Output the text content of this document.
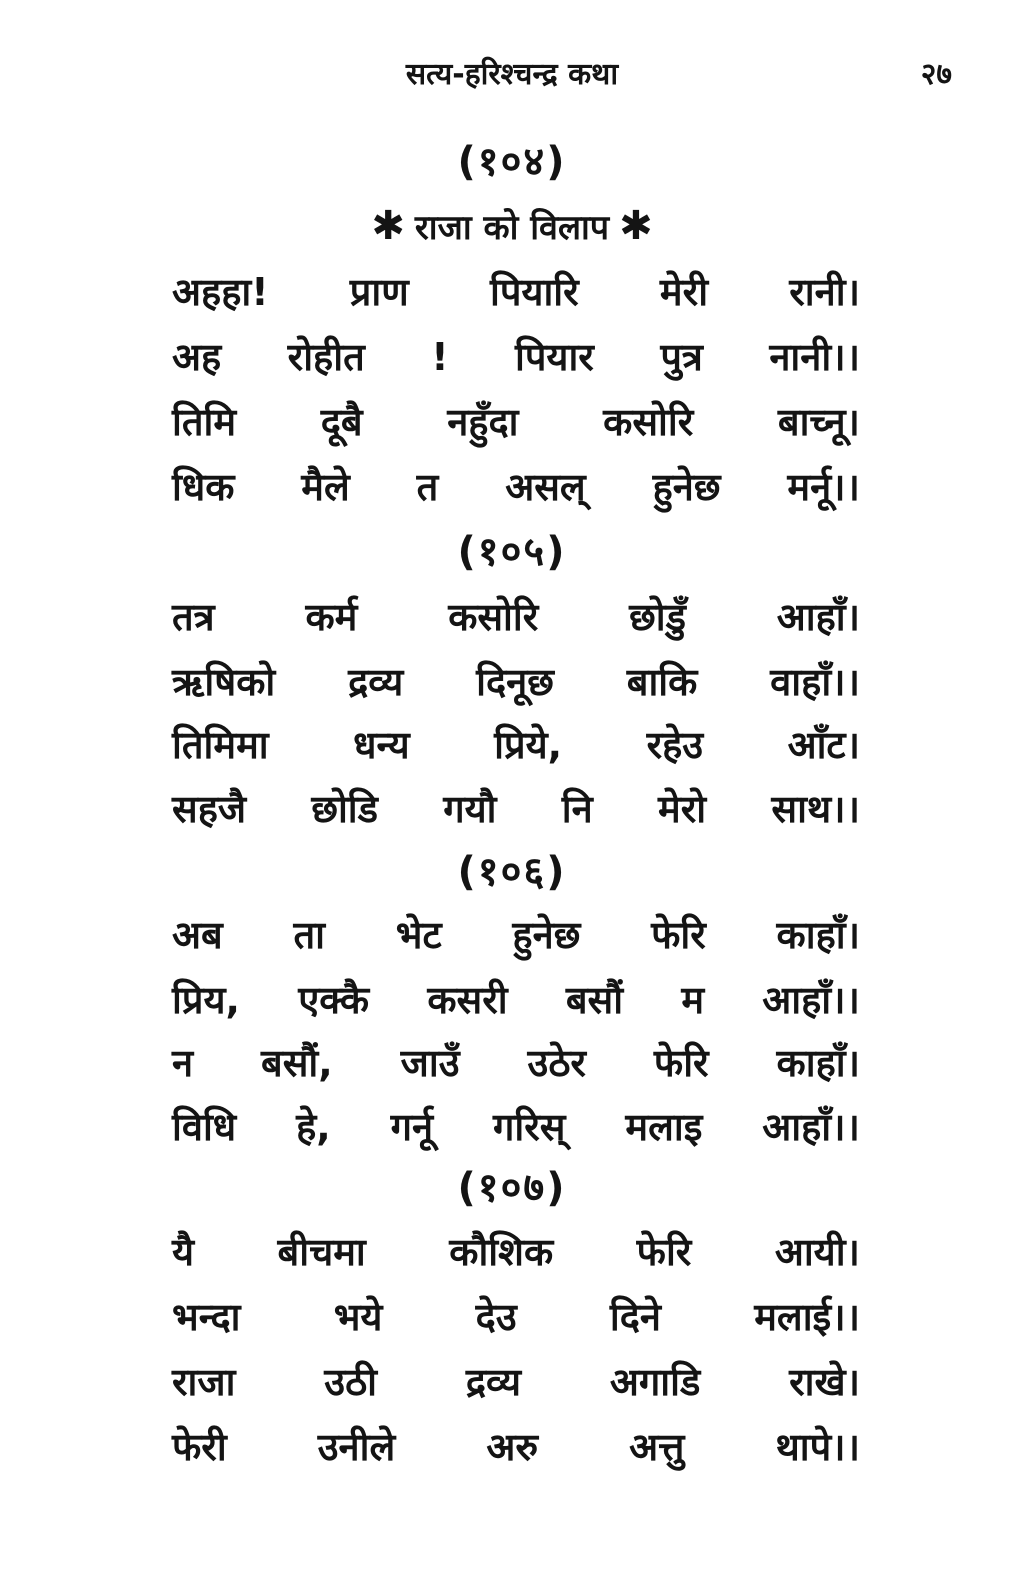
सत्य-हरिश्चन्द्र कथा	२७
(१०४)
✱ राजा को विलाप ✱
अहहा! प्राण पियारि मेरी रानी।
अह रोहीत ! पियार पुत्र नानी।।
तिमि दूबै नहुँदा कसोरि बाच्नू।
धिक मैले त असल् हुनेछ मर्नू।।
(१०५)
तत्र कर्म कसोरि छोडुँ आहाँ।
ऋषिको द्रव्य दिनूछ बाकि वाहाँ।।
तिमिमा धन्य प्रिये, रहेउ आँट।
सहजै छोडि गयौ नि मेरो साथ।।
(१०६)
अब ता भेट हुनेछ फेरि काहाँ।
प्रिय, एक्कै कसरी बसौं म आहाँ।।
न बसौं, जाउँ उठेर फेरि काहाँ।
विधि हे, गर्नू गरिस् मलाइ आहाँ।।
(१०७)
यै बीचमा कौशिक फेरि आयी।
भन्दा भये देउ दिने मलाई।।
राजा उठी द्रव्य अगाडि राखे।
फेरी उनीले अरु अत्तु थापे।।
